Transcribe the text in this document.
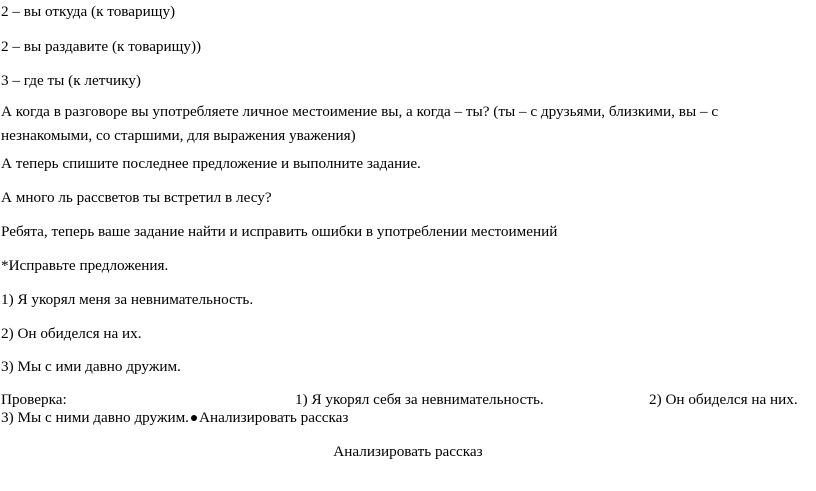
2 – вы откуда (к товарищу)
2 – вы раздавите (к товарищу))
3 – где ты (к летчику)
А когда в разговоре вы употребляете личное местоимение вы, а когда – ты? (ты – с друзьями, близкими, вы – с незнакомыми, со старшими, для выражения уважения)
А теперь спишите последнее предложение и выполните задание.
А много ль рассветов ты встретил в лесу?
Ребята, теперь ваше задание найти и исправить ошибки в употреблении местоимений
*Исправьте предложения.
1) Я укорял меня за невнимательность.
2) Он обиделся на их.
3) Мы с ими давно дружим.
Проверка:	1) Я укорял себя за невнимательность.	2) Он обиделся на них.
3) Мы с ними давно дружим. Анализировать рассказ
Анализировать рассказ
